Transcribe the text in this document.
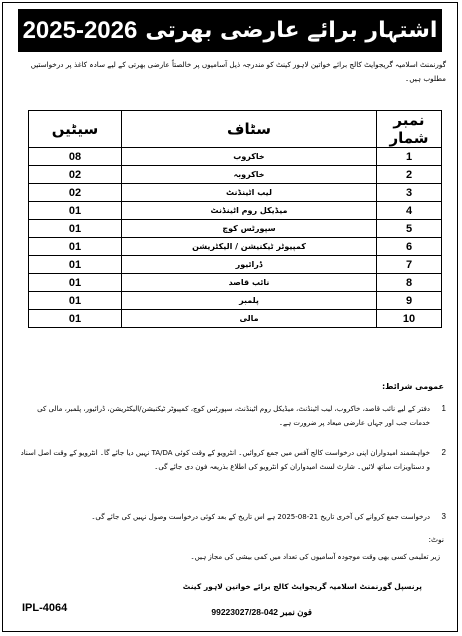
اشتہار برائے عارضی بھرتی
2025-2026
گورنمنٹ اسلامیہ گریجوایٹ کالج برائے خواتین لاہور کینٹ کو مندرجہ ذیل آسامیوں پر خالصتاً عارضی بھرتی کے لیے سادہ کاغذ پر درخواستیں مطلوب ہیں۔
نمبر شمار	سٹاف	سیٹیں
1	خاکروب	08
2	خاکروبہ	02
3	لیب اٹینڈنٹ	02
4	میڈیکل روم اٹینڈنٹ	01
5	سپورٹس کوچ	01
6	کمپیوٹر ٹیکنیشن / الیکٹریشن	01
7	ڈرائیور	01
8	نائب قاصد	01
9	پلمبر	01
10	مالی	01
عمومی شرائط:
1
دفتر کے لیے نائب قاصد، خاکروب، لیب اٹینڈنٹ، میڈیکل روم اٹینڈنٹ، سپورٹس کوچ، کمپیوٹر ٹیکنیشن/الیکٹریشن، ڈرائیور، پلمبر، مالی کی خدمات جب اور جہاں عارضی میعاد پر ضرورت ہے۔
2
خواہشمند امیدواران اپنی درخواست کالج آفس میں جمع کروائیں۔ انٹرویو کے وقت کوئی TA/DA نہیں دیا جائے گا۔ انٹرویو کے وقت اصل اسناد و دستاویزات ساتھ لائیں۔ شارٹ لسٹ امیدواران کو انٹرویو کی اطلاع بذریعہ فون دی جائے گی۔
3
درخواست جمع کروانے کی آخری تاریخ 21-08-2025 ہے اس تاریخ کے بعد کوئی درخواست وصول نہیں کی جائے گی۔
نوٹ:
زیر تعلیمی کسی بھی وقت موجودہ آسامیوں کی تعداد میں کمی بیشی کی مجاز ہیں۔
پرنسپل گورنمنٹ اسلامیہ گریجوایٹ کالج برائے خواتین لاہور کینٹ
IPL-4064	فون نمبر 042-99223027/28
